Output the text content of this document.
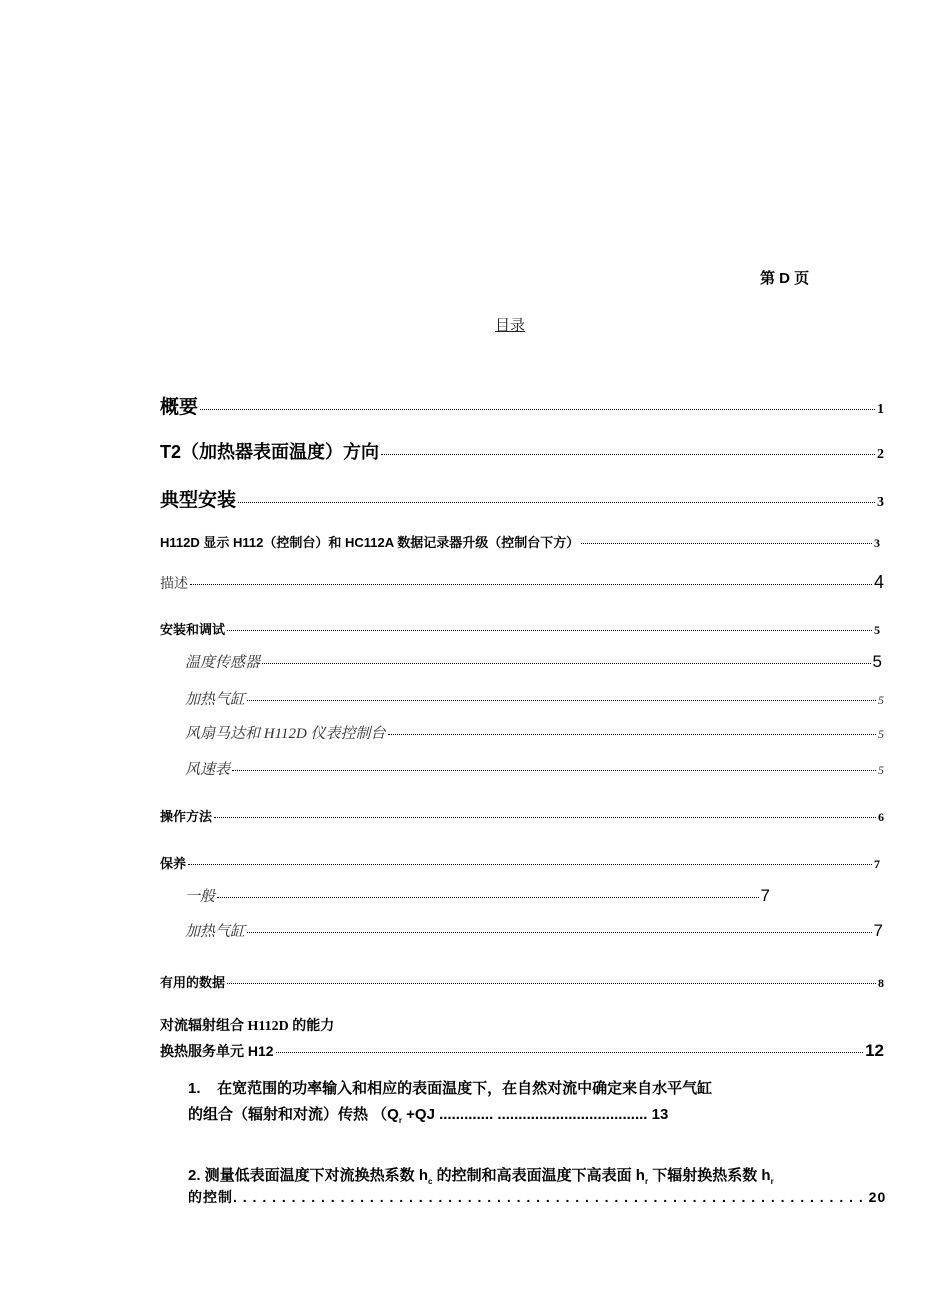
第 D 页
目录
概要	1
T2（加热器表面温度）方向	2
典型安装	3
H112D 显示 H112（控制台）和 HC112A 数据记录器升级（控制台下方）	3
描述	4
安装和调试	5
温度传感器	5
加热气缸	5
风扇马达和 H112D 仪表控制台	5
风速表	5
操作方法	6
保养	7
一般	7
加热气缸	7
有用的数据	8
对流辐射组合 H112D 的能力
换热服务单元 H12	12
1.    在宽范围的功率输入和相应的表面温度下，在自然对流中确定来自水平气缸
的组合（辐射和对流）传热 （$Q_r +QJ$ ............. .................................... 13
2. 测量低表面温度下对流换热系数 $h_c$ 的控制和高表面温度下高表面 $h_r$ 下辐射换热系数 $h_r$
的控制. . . . . . . . . . . . . . . . . . . . . . . . . . . . . . . . . . . . . . . . . . . . . . . . . . . . . . . . . . . . . . . . . 20
